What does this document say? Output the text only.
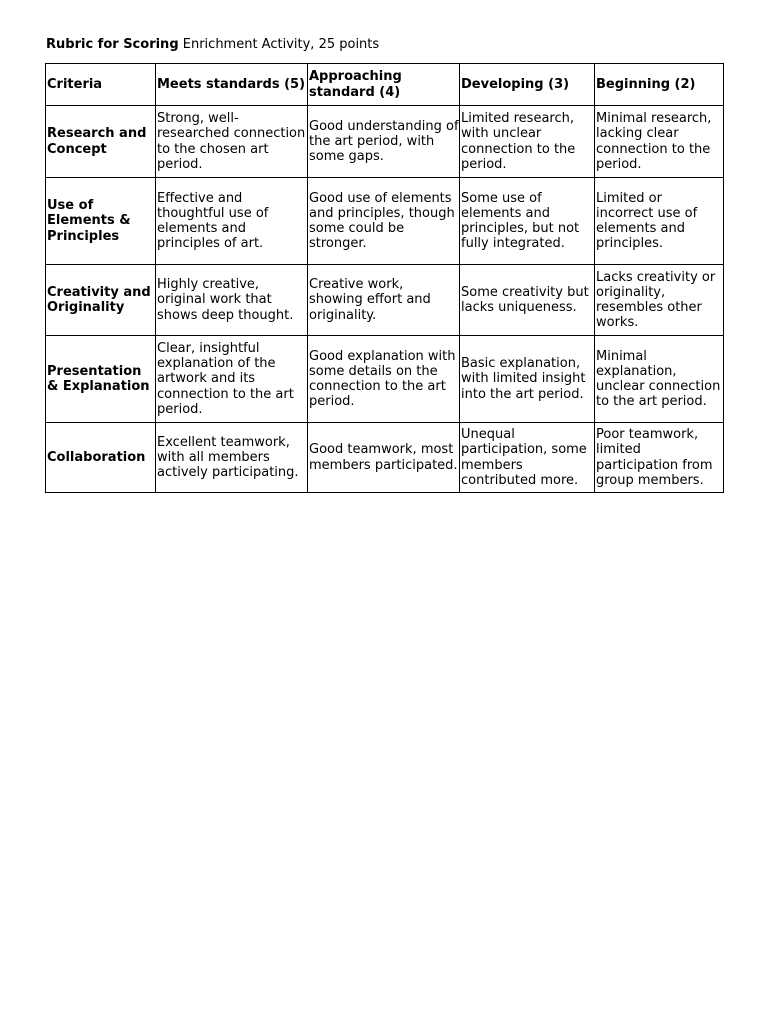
Rubric for Scoring Enrichment Activity, 25 points
Criteria	Meets standards (5)	Approaching standard (4)	Developing (3)	Beginning (2)
Research and Concept	Strong, well-researched connection to the chosen art period.	Good understanding of the art period, with some gaps.	Limited research, with unclear connection to the period.	Minimal research, lacking clear connection to the period.
Use of Elements & Principles	Effective and thoughtful use of elements and principles of art.	Good use of elements and principles, though some could be stronger.	Some use of elements and principles, but not fully integrated.	Limited or incorrect use of elements and principles.
Creativity and Originality	Highly creative, original work that shows deep thought.	Creative work, showing effort and originality.	Some creativity but lacks uniqueness.	Lacks creativity or originality, resembles other works.
Presentation & Explanation	Clear, insightful explanation of the artwork and its connection to the art period.	Good explanation with some details on the connection to the art period.	Basic explanation, with limited insight into the art period.	Minimal explanation, unclear connection to the art period.
Collaboration	Excellent teamwork, with all members actively participating.	Good teamwork, most members participated.	Unequal participation, some members contributed more.	Poor teamwork, limited participation from group members.
